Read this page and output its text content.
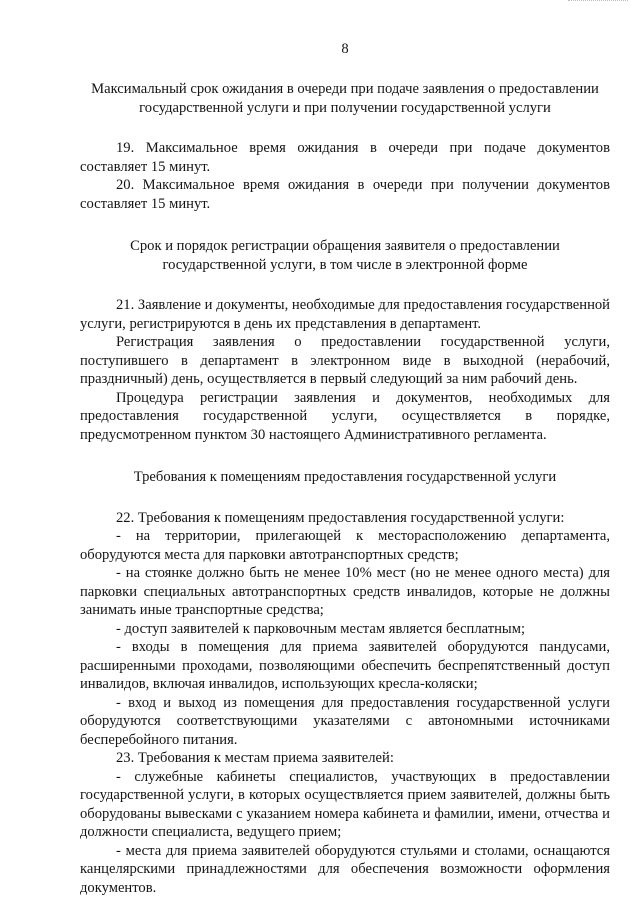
8

Максимальный срок ожидания в очереди при подаче заявления о предоставлении государственной услуги и при получении государственной услуги

19. Максимальное время ожидания в очереди при подаче документов составляет 15 минут.

20. Максимальное время ожидания в очереди при получении документов составляет 15 минут.

Срок и порядок регистрации обращения заявителя о предоставлении государственной услуги, в том числе в электронной форме

21. Заявление и документы, необходимые для предоставления государственной услуги, регистрируются в день их представления в департамент.

Регистрация заявления о предоставлении государственной услуги, поступившего в департамент в электронном виде в выходной (нерабочий, праздничный) день, осуществляется в первый следующий за ним рабочий день.

Процедура регистрации заявления и документов, необходимых для предоставления государственной услуги, осуществляется в порядке, предусмотренном пунктом 30 настоящего Административного регламента.

Требования к помещениям предоставления государственной услуги

22. Требования к помещениям предоставления государственной услуги:

- на территории, прилегающей к месторасположению департамента, оборудуются места для парковки автотранспортных средств;

- на стоянке должно быть не менее 10% мест (но не менее одного места) для парковки специальных автотранспортных средств инвалидов, которые не должны занимать иные транспортные средства;

- доступ заявителей к парковочным местам является бесплатным;

- входы в помещения для приема заявителей оборудуются пандусами, расширенными проходами, позволяющими обеспечить беспрепятственный доступ инвалидов, включая инвалидов, использующих кресла-коляски;

- вход и выход из помещения для предоставления государственной услуги оборудуются соответствующими указателями с автономными источниками бесперебойного питания.

23. Требования к местам приема заявителей:

- служебные кабинеты специалистов, участвующих в предоставлении государственной услуги, в которых осуществляется прием заявителей, должны быть оборудованы вывесками с указанием номера кабинета и фамилии, имени, отчества и должности специалиста, ведущего прием;

- места для приема заявителей оборудуются стульями и столами, оснащаются канцелярскими принадлежностями для обеспечения возможности оформления документов.
